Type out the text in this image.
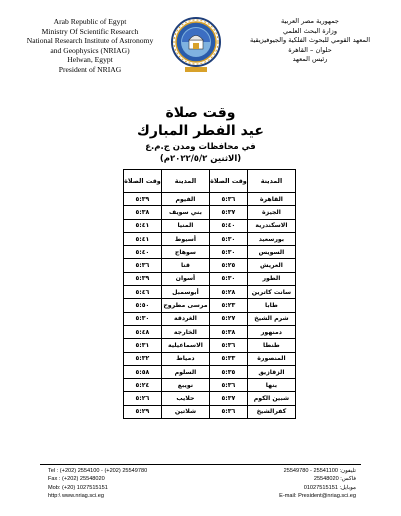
Arab Republic of Egypt
Ministry Of Scientific Research
National Research Institute of Astronomy
and Geophysics (NRIAG)
Helwan, Egypt
President of NRIAG
جمهورية مصر العربية
وزارة البحث العلمي
المعهد القومي للبحوث الفلكية والجيوفيزيقية
حلوان – القاهرة
رئيس المعهد
وقت صلاة
عيد الفطر المبارك
في محافظات ومدن ج.م.ع
(الاثنين ٢٠٢٢/٥/٢م)
المدينة	وقت الصلاة	المدينة	وقت الصلاة
القاهرة	٥:٣٦	الفيوم	٥:٣٩
الجيزة	٥:٣٧	بني سويف	٥:٣٨
الاسكندرية	٥:٤٠	المنيا	٥:٤١
بورسعيد	٥:٣٠	أسيوط	٥:٤١
السويس	٥:٣٠	سوهاج	٥:٤٠
العريش	٥:٢٥	قنا	٥:٣٦
الطور	٥:٣٠	أسوان	٥:٣٩
سانت كاترين	٥:٢٨	أبوسمبل	٥:٤٦
طابا	٥:٢٣	مرسى مطروح	٥:٥٠
شرم الشيخ	٥:٢٧	الغردقة	٥:٣٠
دمنهور	٥:٣٨	الخارجة	٥:٤٨
طنطا	٥:٣٦	الاسماعيلية	٥:٣١
المنصورة	٥:٣٣	دمياط	٥:٣٢
الزقازيق	٥:٣٥	السلوم	٥:٥٨
بنها	٥:٣٦	نويبع	٥:٢٤
شبين الكوم	٥:٣٧	حلايب	٥:٢٦
كفرالشيخ	٥:٣٦	شلاتين	٥:٢٩
Tel : (+202) 2554100 - (+202) 25549780
Fax : (+202) 25548020
Mob: (+20) 1027515151
http:\ www.nriag.sci.eg
تليفون: 25541100 - 25549780
فاكس: 25548020
موبايل: 01027515151
E-mail: President@nriag.sci.eg
